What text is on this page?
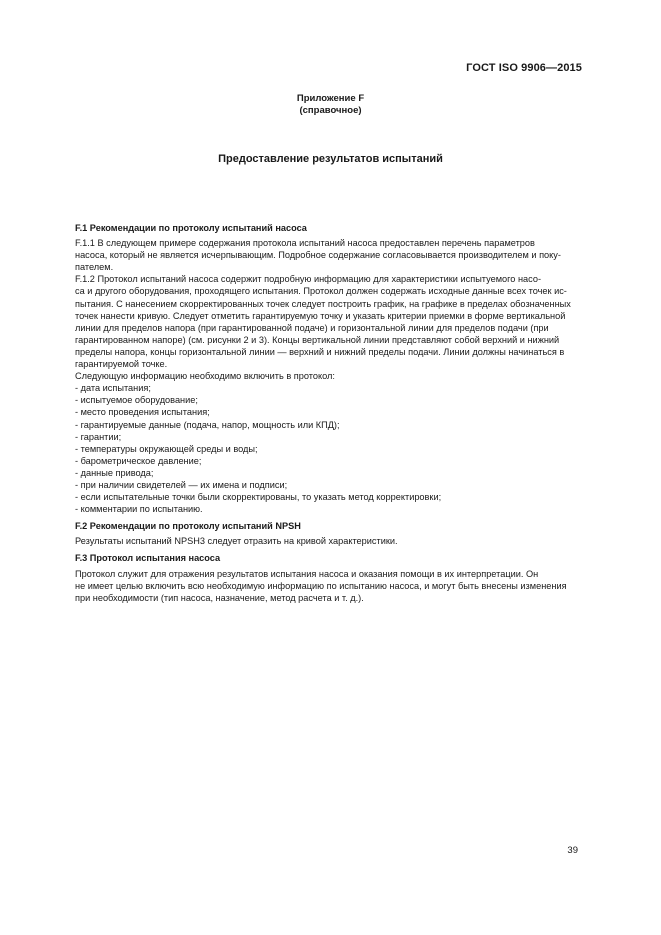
ГОСТ ISO 9906—2015
Приложение F
(справочное)
Предоставление результатов испытаний
F.1 Рекомендации по протоколу испытаний насоса
F.1.1 В следующем примере содержания протокола испытаний насоса предоставлен перечень параметров
насоса, который не является исчерпывающим. Подробное содержание согласовывается производителем и поку-
пателем.
F.1.2 Протокол испытаний насоса содержит подробную информацию для характеристики испытуемого насо-
са и другого оборудования, проходящего испытания. Протокол должен содержать исходные данные всех точек ис-
пытания. С нанесением скорректированных точек следует построить график, на графике в пределах обозначенных
точек нанести кривую. Следует отметить гарантируемую точку и указать критерии приемки в форме вертикальной
линии для пределов напора (при гарантированной подаче) и горизонтальной линии для пределов подачи (при
гарантированном напоре) (см. рисунки 2 и 3). Концы вертикальной линии представляют собой верхний и нижний
пределы напора, концы горизонтальной линии — верхний и нижний пределы подачи. Линии должны начинаться в
гарантируемой точке.
Следующую информацию необходимо включить в протокол:
- дата испытания;
- испытуемое оборудование;
- место проведения испытания;
- гарантируемые данные (подача, напор, мощность или КПД);
- гарантии;
- температуры окружающей среды и воды;
- барометрическое давление;
- данные привода;
- при наличии свидетелей — их имена и подписи;
- если испытательные точки были скорректированы, то указать метод корректировки;
- комментарии по испытанию.
F.2 Рекомендации по протоколу испытаний NPSH
Результаты испытаний NPSH3 следует отразить на кривой характеристики.
F.3 Протокол испытания насоса
Протокол служит для отражения результатов испытания насоса и оказания помощи в их интерпретации. Он
не имеет целью включить всю необходимую информацию по испытанию насоса, и могут быть внесены изменения
при необходимости (тип насоса, назначение, метод расчета и т. д.).
39
